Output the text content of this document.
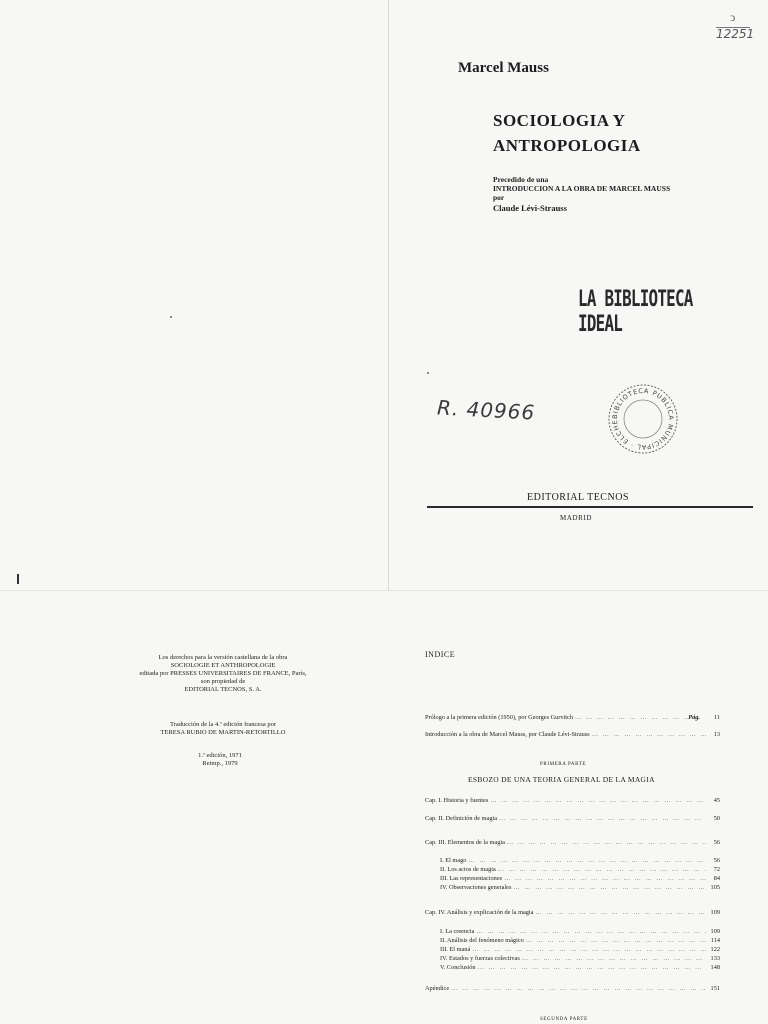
ↄ
12251
Marcel Mauss
SOCIOLOGIA Y
ANTROPOLOGIA
Precedido de una
INTRODUCCION A LA OBRA DE MARCEL MAUSS
por
Claude Lévi-Strauss
LA BIBLIOTECA IDEAL
R. 40966	BIBLIOTECA PUBLICA MUNICIPAL · ELCHE
EDITORIAL TECNOS
MADRID
Los derechos para la versión castellana de la obra
SOCIOLOGIE ET ANTHROPOLOGIE
editada por PRESSES UNIVERSITAIRES DE FRANCE, París,
son propiedad de
EDITORIAL TECNOS, S. A.
Traducción de la 4.ª edición francesa por
TERESA RUBIO DE MARTIN-RETORTILLO
1.ª edición, 1971
Reimp., 1979
INDICE
Prólogo a la primera edición (1950), por Georges Gurvitch … … … … … … … … … … … … … … … … … … … … … … … … … … … … … … … … … … … … …	Pág.	11
Introducción a la obra de Marcel Mauss, por Claude Lévi-Strauss … … … … … … … … … … … … … … … … … … … … … … … … … … … … … … … … … … … … …	13
PRIMERA PARTE
ESBOZO DE UNA TEORIA GENERAL DE LA MAGIA
Cap. I. Historia y fuentes … … … … … … … … … … … … … … … … … … … … … … … … … … … … … … … … … … … … …	45
Cap. II. Definición de magia … … … … … … … … … … … … … … … … … … … … … … … … … … … … … … … … … … … … …	50
Cap. III. Elementos de la magia … … … … … … … … … … … … … … … … … … … … … … … … … … … … … … … … … … … … …	56
I. El mago … … … … … … … … … … … … … … … … … … … … … … … … … … … … … … … … … … … … …	56
II. Los actos de magia … … … … … … … … … … … … … … … … … … … … … … … … … … … … … … … … … … … … …	72
III. Las representaciones … … … … … … … … … … … … … … … … … … … … … … … … … … … … … … … … … … … … …	84
IV. Observaciones generales … … … … … … … … … … … … … … … … … … … … … … … … … … … … … … … … … … … … …	105
Cap. IV. Análisis y explicación de la magia … … … … … … … … … … … … … … … … … … … … … … … … … … … … … … … … … … … … …	109
I. La creencia … … … … … … … … … … … … … … … … … … … … … … … … … … … … … … … … … … … … …	109
II. Análisis del fenómeno mágico … … … … … … … … … … … … … … … … … … … … … … … … … … … … … … … … … … … … …	114
III. El maná … … … … … … … … … … … … … … … … … … … … … … … … … … … … … … … … … … … … …	122
IV. Estados y fuerzas colectivas … … … … … … … … … … … … … … … … … … … … … … … … … … … … … … … … … … … … …	133
V. Conclusión … … … … … … … … … … … … … … … … … … … … … … … … … … … … … … … … … … … … …	148
Apéndice … … … … … … … … … … … … … … … … … … … … … … … … … … … … … … … … … … … … …	151
SEGUNDA PARTE
